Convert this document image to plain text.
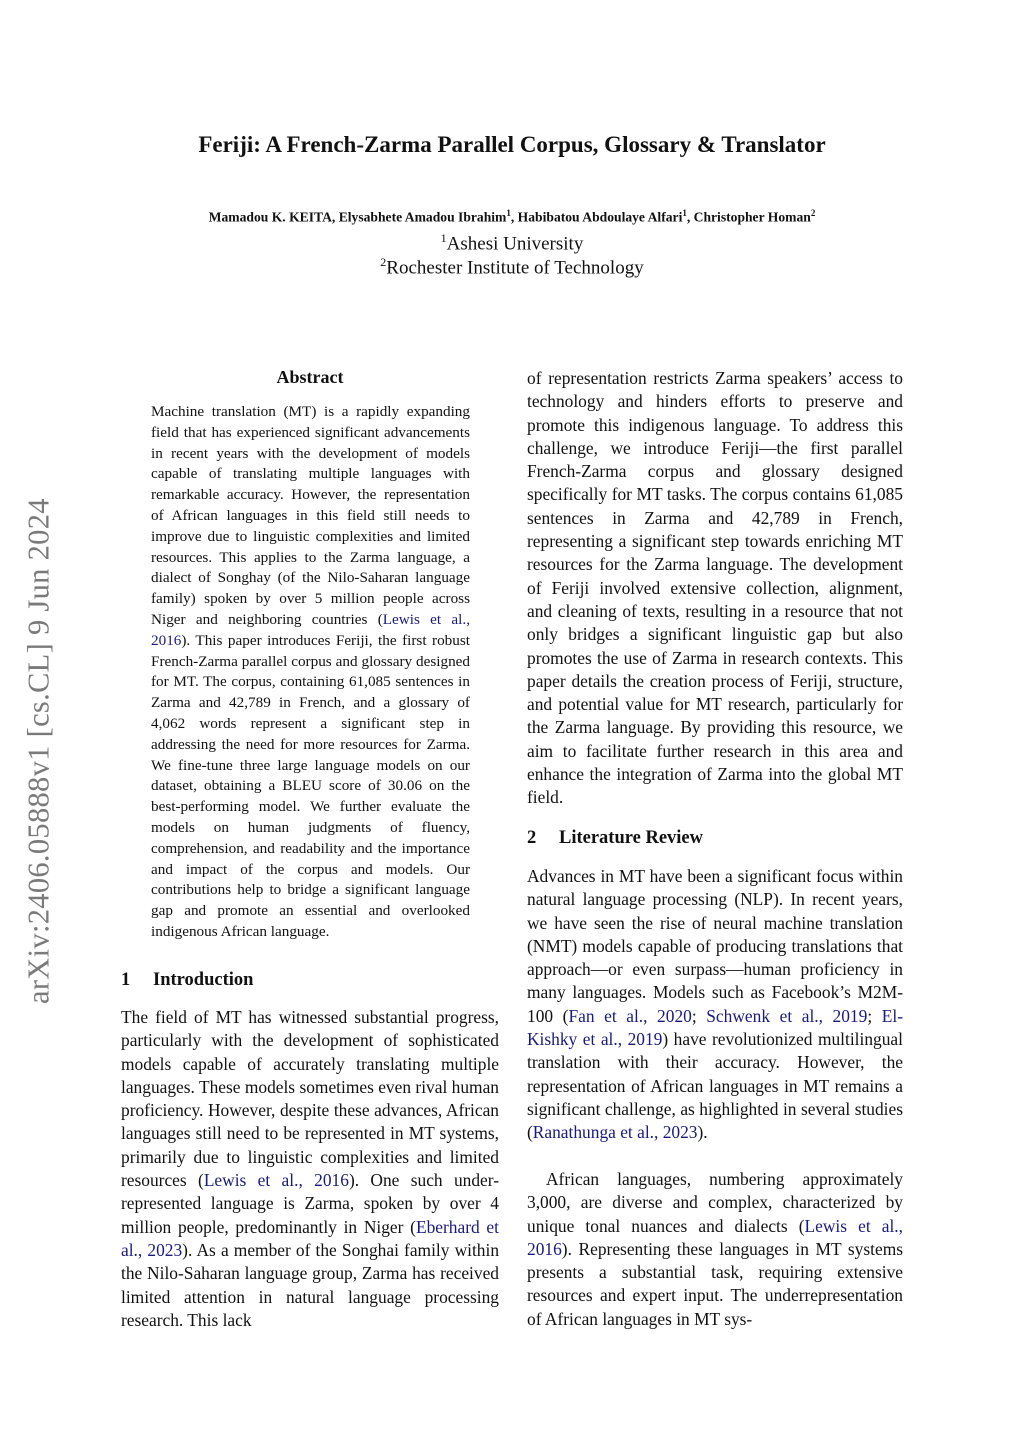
arXiv:2406.05888v1 [cs.CL] 9 Jun 2024
Feriji: A French-Zarma Parallel Corpus, Glossary & Translator
Mamadou K. KEITA, Elysabhete Amadou Ibrahim$^1$, Habibatou Abdoulaye Alfari$^1$, Christopher Homan$^2$
$^1$Ashesi University
$^2$Rochester Institute of Technology
Abstract

Machine translation (MT) is a rapidly expanding field that has experienced significant advancements in recent years with the development of models capable of translating multiple languages with remarkable accuracy. However, the representation of African languages in this field still needs to improve due to linguistic complexities and limited resources. This applies to the Zarma language, a dialect of Songhay (of the Nilo-Saharan language family) spoken by over 5 million people across Niger and neighboring countries (Lewis et al., 2016). This paper introduces Feriji, the first robust French-Zarma parallel corpus and glossary designed for MT. The corpus, containing 61,085 sentences in Zarma and 42,789 in French, and a glossary of 4,062 words represent a significant step in addressing the need for more resources for Zarma. We fine-tune three large language models on our dataset, obtaining a BLEU score of 30.06 on the best-performing model. We further evaluate the models on human judgments of fluency, comprehension, and readability and the importance and impact of the corpus and models. Our contributions help to bridge a significant language gap and promote an essential and overlooked indigenous African language.

1 Introduction

The field of MT has witnessed substantial progress, particularly with the development of sophisticated models capable of accurately translating multiple languages. These models sometimes even rival human proficiency. However, despite these advances, African languages still need to be represented in MT systems, primarily due to linguistic complexities and limited resources (Lewis et al., 2016). One such under-represented language is Zarma, spoken by over 4 million people, predominantly in Niger (Eberhard et al., 2023). As a member of the Songhai family within the Nilo-Saharan language group, Zarma has received limited attention in natural language processing research. This lack

of representation restricts Zarma speakers’ access to technology and hinders efforts to preserve and promote this indigenous language. To address this challenge, we introduce Feriji—the first parallel French-Zarma corpus and glossary designed specifically for MT tasks. The corpus contains 61,085 sentences in Zarma and 42,789 in French, representing a significant step towards enriching MT resources for the Zarma language. The development of Feriji involved extensive collection, alignment, and cleaning of texts, resulting in a resource that not only bridges a significant linguistic gap but also promotes the use of Zarma in research contexts. This paper details the creation process of Feriji, structure, and potential value for MT research, particularly for the Zarma language. By providing this resource, we aim to facilitate further research in this area and enhance the integration of Zarma into the global MT field.

2 Literature Review

Advances in MT have been a significant focus within natural language processing (NLP). In recent years, we have seen the rise of neural machine translation (NMT) models capable of producing translations that approach—or even surpass—human proficiency in many languages. Models such as Facebook’s M2M-100 (Fan et al., 2020; Schwenk et al., 2019; El-Kishky et al., 2019) have revolutionized multilingual translation with their accuracy. However, the representation of African languages in MT remains a significant challenge, as highlighted in several studies (Ranathunga et al., 2023).

African languages, numbering approximately 3,000, are diverse and complex, characterized by unique tonal nuances and dialects (Lewis et al., 2016). Representing these languages in MT systems presents a substantial task, requiring extensive resources and expert input. The underrepresentation of African languages in MT sys-
